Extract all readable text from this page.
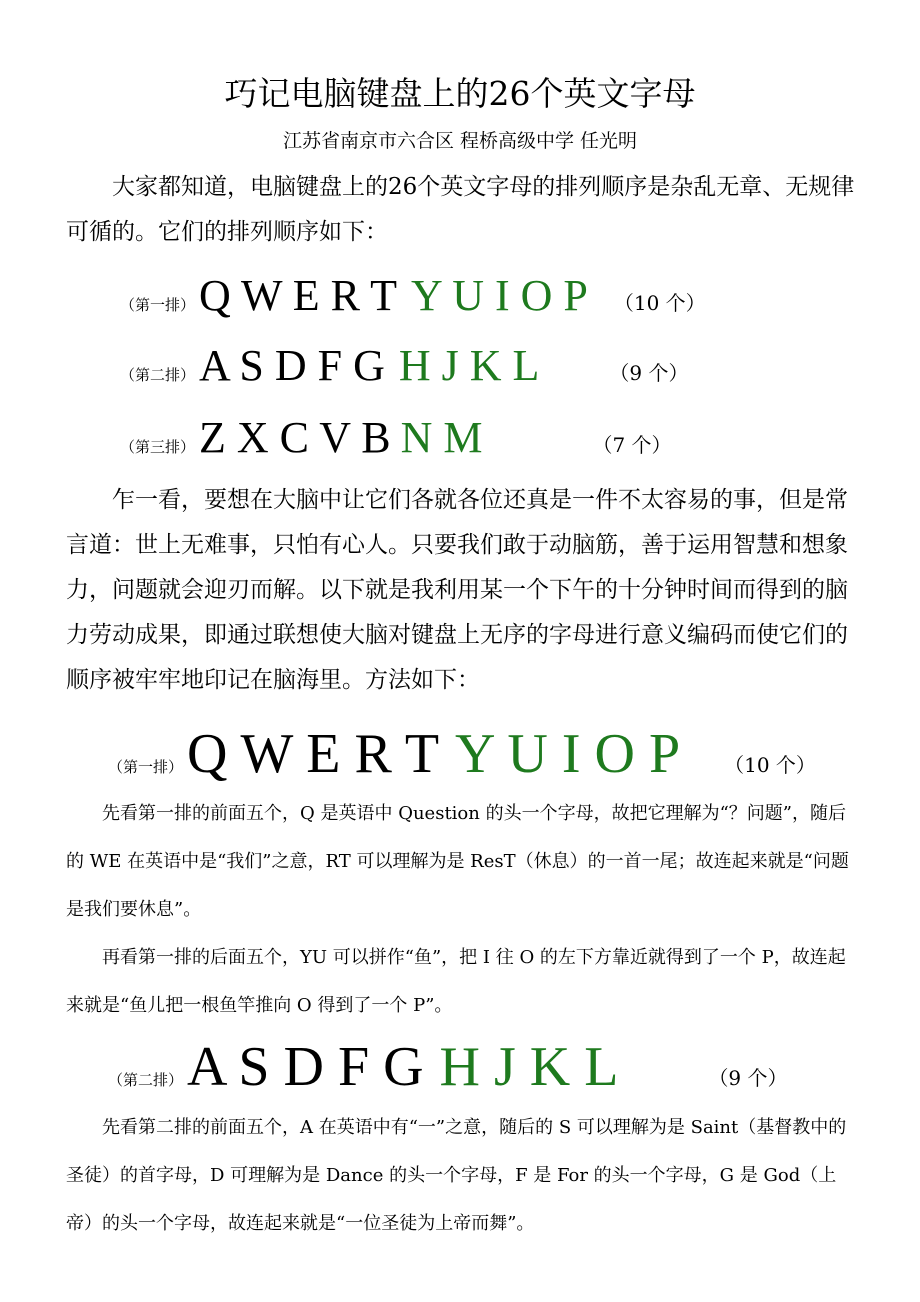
巧记电脑键盘上的26个英文字母
江苏省南京市六合区 程桥高级中学 任光明
大家都知道，电脑键盘上的26个英文字母的排列顺序是杂乱无章、无规律可循的。它们的排列顺序如下：
（第一排） Q W E R T Y U I O P （10 个）
（第二排） A S D F G H J K L	（9 个）
（第三排） Z X C V B N M	（7 个）
乍一看，要想在大脑中让它们各就各位还真是一件不太容易的事，但是常言道：世上无难事，只怕有心人。只要我们敢于动脑筋，善于运用智慧和想象力，问题就会迎刃而解。以下就是我利用某一个下午的十分钟时间而得到的脑力劳动成果，即通过联想使大脑对键盘上无序的字母进行意义编码而使它们的顺序被牢牢地印记在脑海里。方法如下：
（第一排） Q W E R T Y U I O P （10 个）
先看第一排的前面五个，Q 是英语中 Question 的头一个字母，故把它理解为“？问题”，随后的 WE 在英语中是“我们”之意，RT 可以理解为是 ResT（休息）的一首一尾；故连起来就是“问题是我们要休息”。
再看第一排的后面五个，YU 可以拼作“鱼”，把 I 往 O 的左下方靠近就得到了一个 P，故连起来就是“鱼儿把一根鱼竿推向 O 得到了一个 P”。
（第二排） A S D F G H J K L	（9 个）
先看第二排的前面五个，A 在英语中有“一”之意，随后的 S 可以理解为是 Saint（基督教中的圣徒）的首字母，D 可理解为是 Dance 的头一个字母，F 是 For 的头一个字母，G 是 God（上帝）的头一个字母，故连起来就是“一位圣徒为上帝而舞”。
